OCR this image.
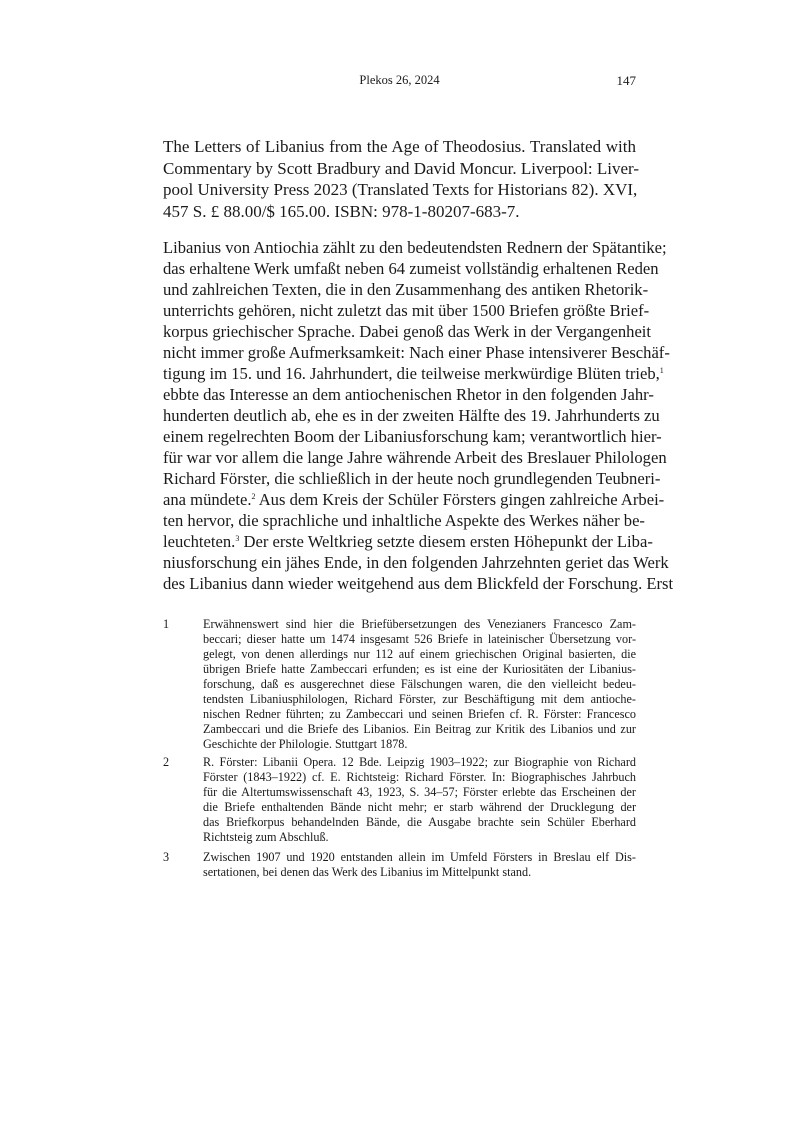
Plekos 26, 2024	147
The Letters of Libanius from the Age of Theodosius. Translated with
Commentary by Scott Bradbury and David Moncur. Liverpool: Liver-
pool University Press 2023 (Translated Texts for Historians 82). XVI,
457 S. £ 88.00/$ 165.00. ISBN: 978-1-80207-683-7.
Libanius von Antiochia zählt zu den bedeutendsten Rednern der Spätantike;
das erhaltene Werk umfaßt neben 64 zumeist vollständig erhaltenen Reden
und zahlreichen Texten, die in den Zusammenhang des antiken Rhetorik-
unterrichts gehören, nicht zuletzt das mit über 1500 Briefen größte Brief-
korpus griechischer Sprache. Dabei genoß das Werk in der Vergangenheit
nicht immer große Aufmerksamkeit: Nach einer Phase intensiverer Beschäf-
tigung im 15. und 16. Jahrhundert, die teilweise merkwürdige Blüten trieb,$^1$
ebbte das Interesse an dem antiochenischen Rhetor in den folgenden Jahr-
hunderten deutlich ab, ehe es in der zweiten Hälfte des 19. Jahrhunderts zu
einem regelrechten Boom der Libaniusforschung kam; verantwortlich hier-
für war vor allem die lange Jahre währende Arbeit des Breslauer Philologen
Richard Förster, die schließlich in der heute noch grundlegenden Teubneri-
ana mündete.$^2$ Aus dem Kreis der Schüler Försters gingen zahlreiche Arbei-
ten hervor, die sprachliche und inhaltliche Aspekte des Werkes näher be-
leuchteten.$^3$ Der erste Weltkrieg setzte diesem ersten Höhepunkt der Liba-
niusforschung ein jähes Ende, in den folgenden Jahrzehnten geriet das Werk
des Libanius dann wieder weitgehend aus dem Blickfeld der Forschung. Erst
1	Erwähnenswert sind hier die Briefübersetzungen des Venezianers Francesco Zam-
beccari; dieser hatte um 1474 insgesamt 526 Briefe in lateinischer Übersetzung vor-
gelegt, von denen allerdings nur 112 auf einem griechischen Original basierten, die
übrigen Briefe hatte Zambeccari erfunden; es ist eine der Kuriositäten der Libanius-
forschung, daß es ausgerechnet diese Fälschungen waren, die den vielleicht bedeu-
tendsten Libaniusphilologen, Richard Förster, zur Beschäftigung mit dem antioche-
nischen Redner führten; zu Zambeccari und seinen Briefen cf. R. Förster: Francesco
Zambeccari und die Briefe des Libanios. Ein Beitrag zur Kritik des Libanios und zur
Geschichte der Philologie. Stuttgart 1878.
2	R. Förster: Libanii Opera. 12 Bde. Leipzig 1903–1922; zur Biographie von Richard
Förster (1843–1922) cf. E. Richtsteig: Richard Förster. In: Biographisches Jahrbuch
für die Altertumswissenschaft 43, 1923, S. 34–57; Förster erlebte das Erscheinen der
die Briefe enthaltenden Bände nicht mehr; er starb während der Drucklegung der
das Briefkorpus behandelnden Bände, die Ausgabe brachte sein Schüler Eberhard
Richtsteig zum Abschluß.
3	Zwischen 1907 und 1920 entstanden allein im Umfeld Försters in Breslau elf Dis-
sertationen, bei denen das Werk des Libanius im Mittelpunkt stand.
